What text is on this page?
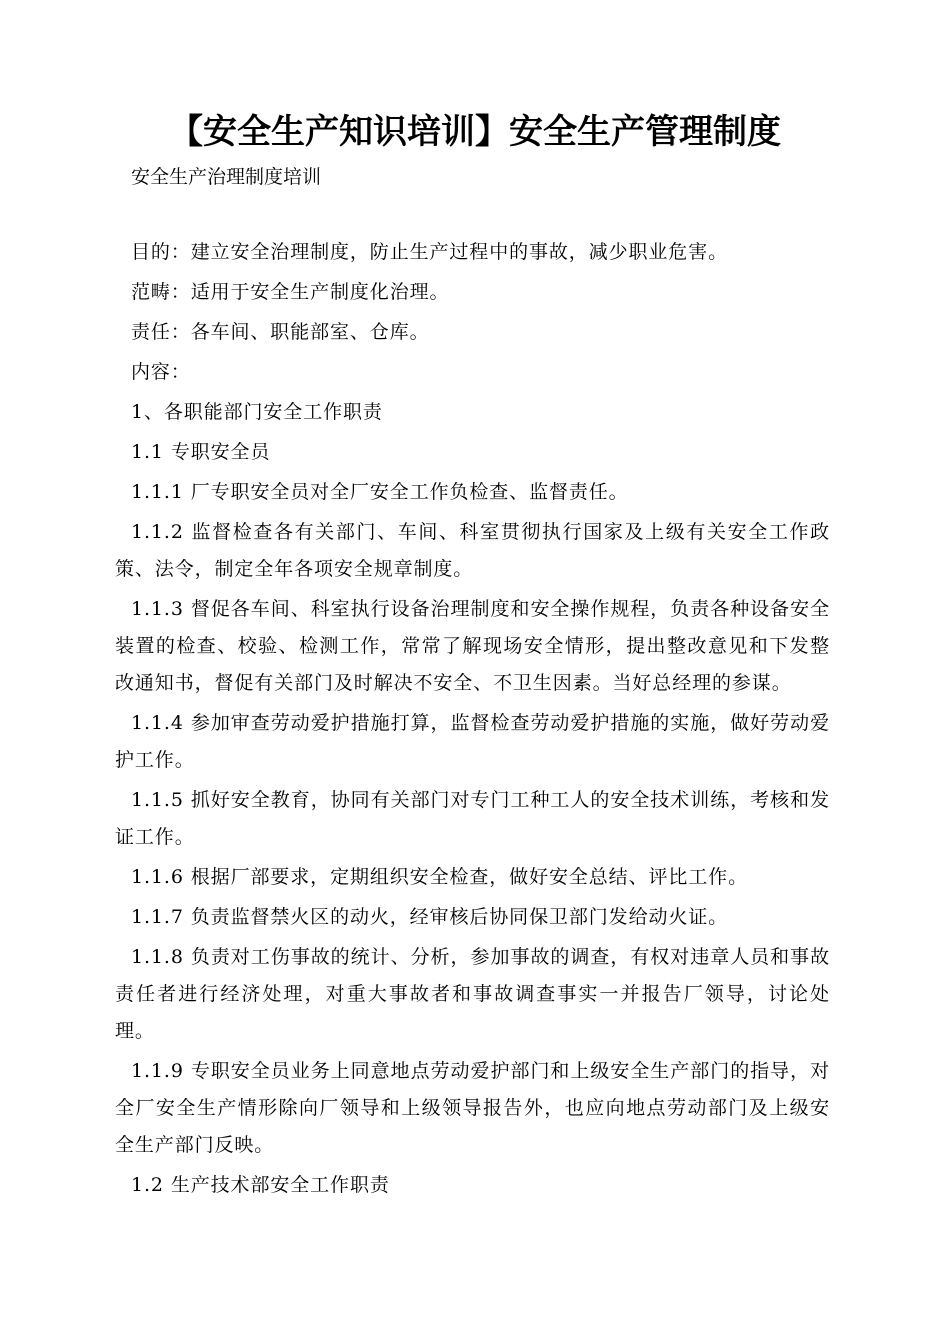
【安全生产知识培训】安全生产管理制度
安全生产治理制度培训

目的：建立安全治理制度，防止生产过程中的事故，减少职业危害。

范畴：适用于安全生产制度化治理。

责任：各车间、职能部室、仓库。

内容：

1、各职能部门安全工作职责

1.1 专职安全员

1.1.1 厂专职安全员对全厂安全工作负检查、监督责任。

1.1.2 监督检查各有关部门、车间、科室贯彻执行国家及上级有关安全工作政策、法令，制定全年各项安全规章制度。

1.1.3 督促各车间、科室执行设备治理制度和安全操作规程，负责各种设备安全装置的检查、校验、检测工作，常常了解现场安全情形，提出整改意见和下发整改通知书，督促有关部门及时解决不安全、不卫生因素。当好总经理的参谋。

1.1.4 参加审查劳动爱护措施打算，监督检查劳动爱护措施的实施，做好劳动爱护工作。

1.1.5 抓好安全教育，协同有关部门对专门工种工人的安全技术训练，考核和发证工作。

1.1.6 根据厂部要求，定期组织安全检查，做好安全总结、评比工作。

1.1.7 负责监督禁火区的动火，经审核后协同保卫部门发给动火证。

1.1.8 负责对工伤事故的统计、分析，参加事故的调查，有权对违章人员和事故责任者进行经济处理，对重大事故者和事故调查事实一并报告厂领导，讨论处理。

1.1.9 专职安全员业务上同意地点劳动爱护部门和上级安全生产部门的指导，对全厂安全生产情形除向厂领导和上级领导报告外，也应向地点劳动部门及上级安全生产部门反映。

1.2 生产技术部安全工作职责
